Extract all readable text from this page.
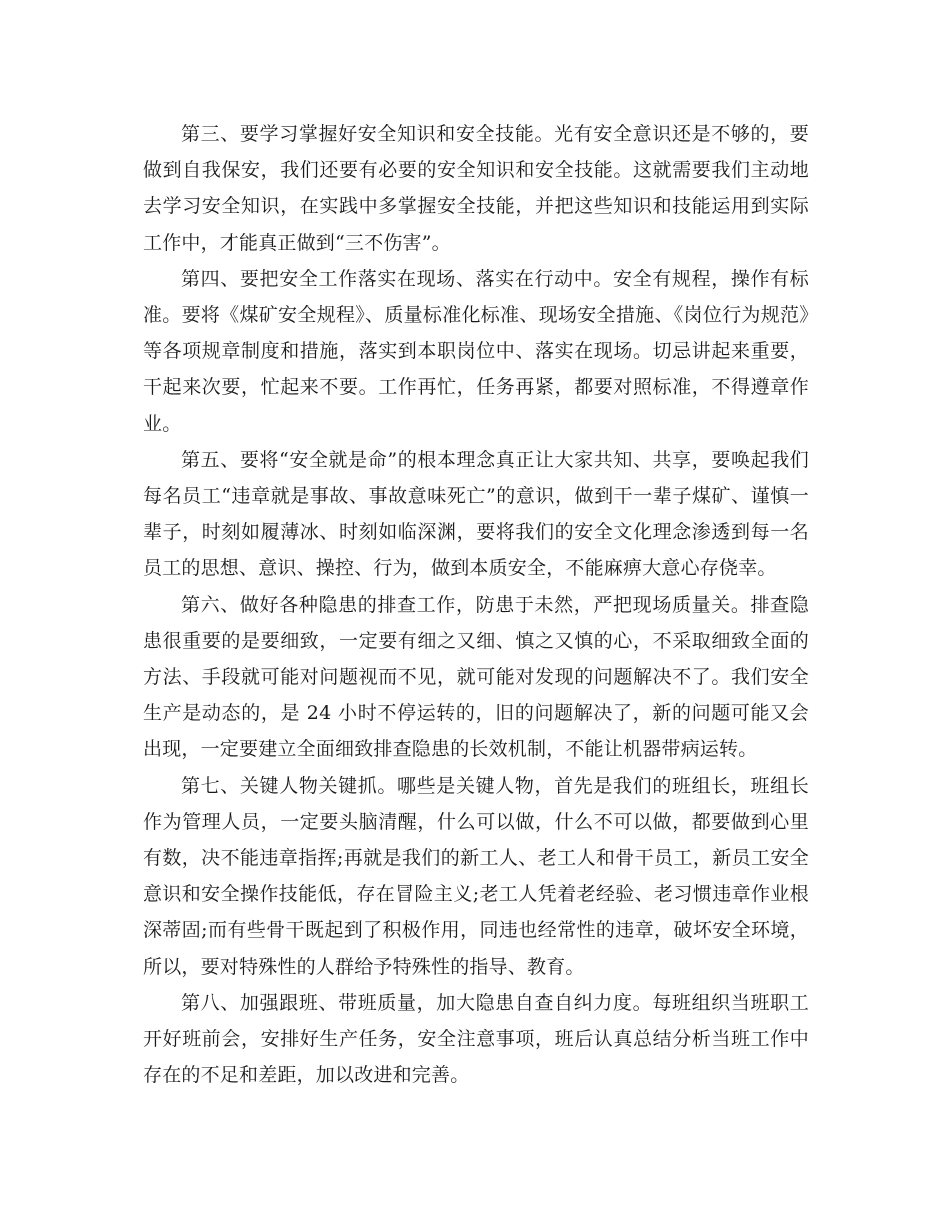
第三、要学习掌握好安全知识和安全技能。光有安全意识还是不够的，要做到自我保安，我们还要有必要的安全知识和安全技能。这就需要我们主动地去学习安全知识，在实践中多掌握安全技能，并把这些知识和技能运用到实际工作中，才能真正做到“三不伤害”。

第四、要把安全工作落实在现场、落实在行动中。安全有规程，操作有标准。要将《煤矿安全规程》、质量标准化标准、现场安全措施、《岗位行为规范》等各项规章制度和措施，落实到本职岗位中、落实在现场。切忌讲起来重要，干起来次要，忙起来不要。工作再忙，任务再紧，都要对照标准，不得遵章作业。

第五、要将“安全就是命”的根本理念真正让大家共知、共享，要唤起我们每名员工“违章就是事故、事故意味死亡”的意识，做到干一辈子煤矿、谨慎一辈子，时刻如履薄冰、时刻如临深渊，要将我们的安全文化理念渗透到每一名员工的思想、意识、操控、行为，做到本质安全，不能麻痹大意心存侥幸。

第六、做好各种隐患的排查工作，防患于未然，严把现场质量关。排查隐患很重要的是要细致，一定要有细之又细、慎之又慎的心，不采取细致全面的方法、手段就可能对问题视而不见，就可能对发现的问题解决不了。我们安全生产是动态的，是 24 小时不停运转的，旧的问题解决了，新的问题可能又会出现，一定要建立全面细致排查隐患的长效机制，不能让机器带病运转。

第七、关键人物关键抓。哪些是关键人物，首先是我们的班组长，班组长作为管理人员，一定要头脑清醒，什么可以做，什么不可以做，都要做到心里有数，决不能违章指挥;再就是我们的新工人、老工人和骨干员工，新员工安全意识和安全操作技能低，存在冒险主义;老工人凭着老经验、老习惯违章作业根深蒂固;而有些骨干既起到了积极作用，同违也经常性的违章，破坏安全环境，所以，要对特殊性的人群给予特殊性的指导、教育。

第八、加强跟班、带班质量，加大隐患自查自纠力度。每班组织当班职工开好班前会，安排好生产任务，安全注意事项，班后认真总结分析当班工作中存在的不足和差距，加以改进和完善。
